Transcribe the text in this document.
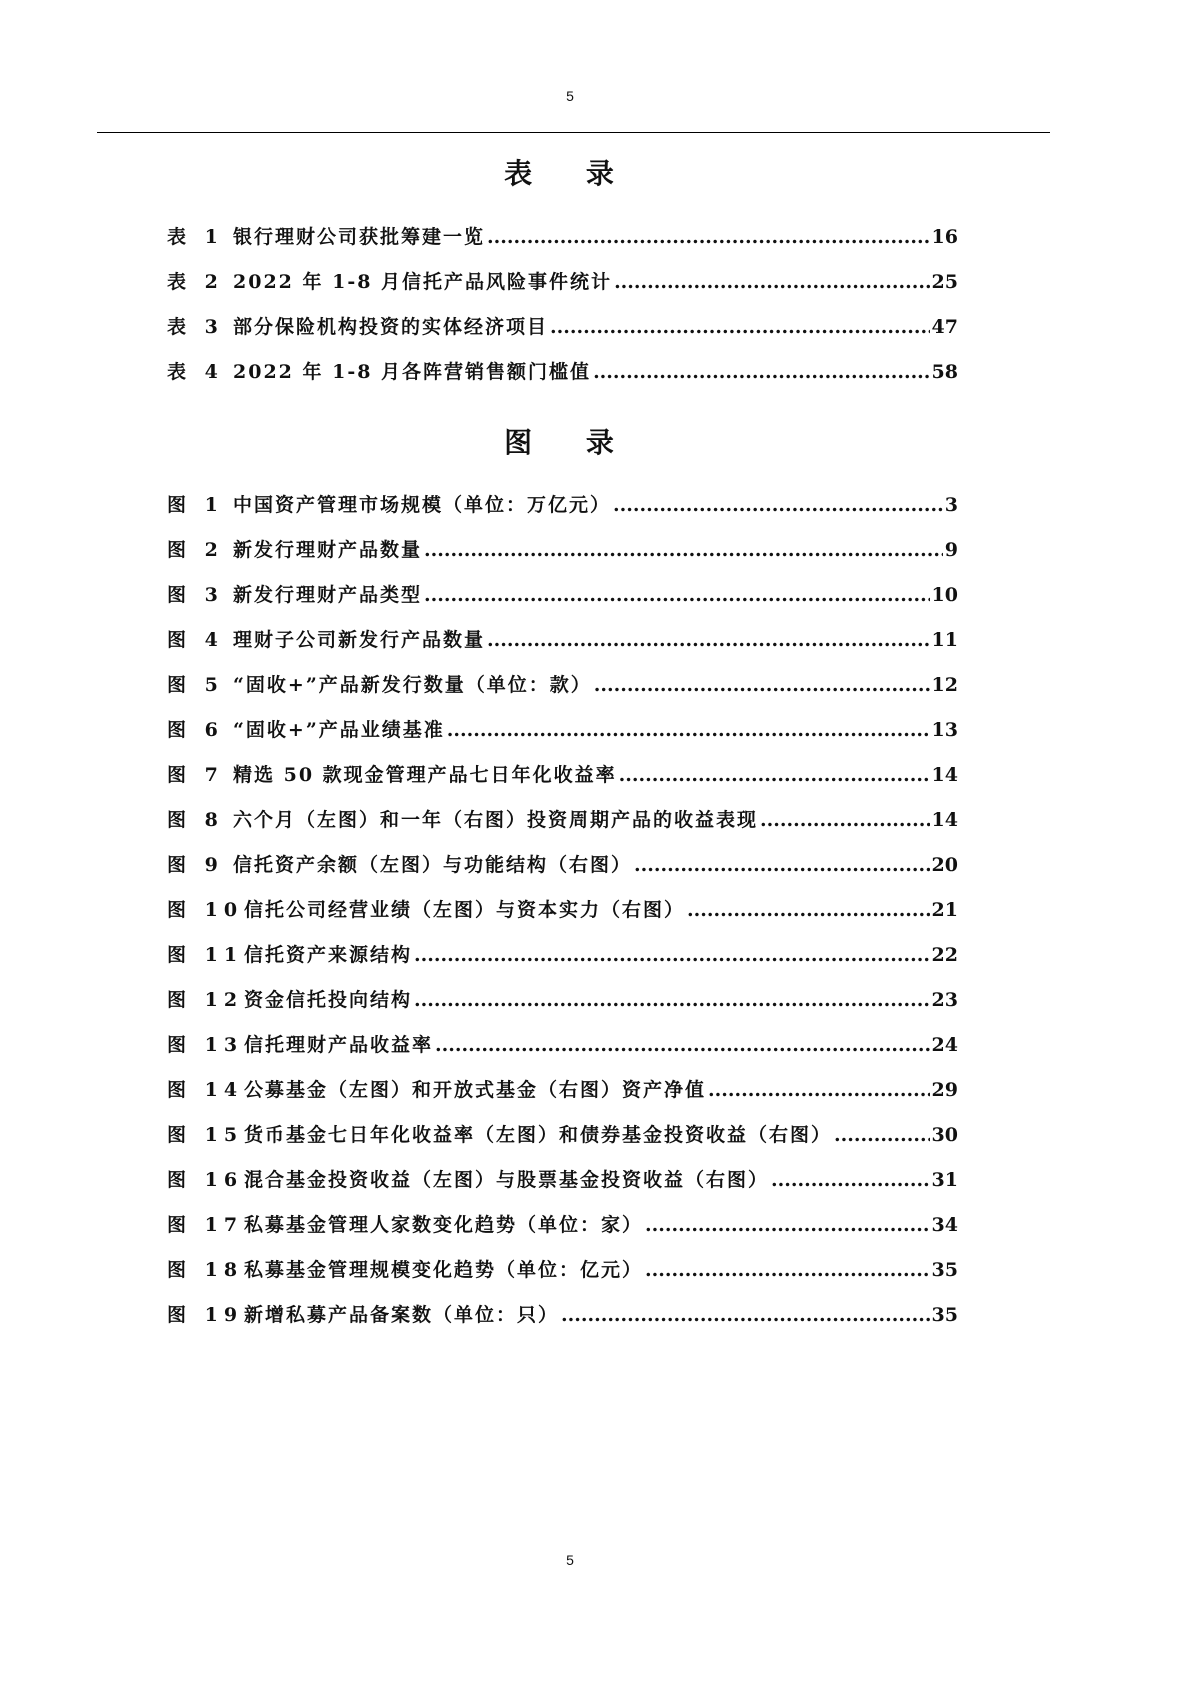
5
表 录
表 1 银行理财公司获批筹建一览 .....	16
表 2 2022 年 1-8 月信托产品风险事件统计 .....	25
表 3 部分保险机构投资的实体经济项目 .....	47
表 4 2022 年 1-8 月各阵营销售额门槛值 .....	58
图 录
图 1 中国资产管理市场规模（单位：万亿元） .....	3
图 2 新发行理财产品数量 .....	9
图 3 新发行理财产品类型 .....	10
图 4 理财子公司新发行产品数量 .....	11
图 5 “固收+”产品新发行数量（单位：款） .....	12
图 6 “固收+”产品业绩基准 .....	13
图 7 精选 50 款现金管理产品七日年化收益率 .....	14
图 8 六个月（左图）和一年（右图）投资周期产品的收益表现 .....	14
图 9 信托资产余额（左图）与功能结构（右图） .....	20
图 10 信托公司经营业绩（左图）与资本实力（右图） .....	21
图 11 信托资产来源结构 .....	22
图 12 资金信托投向结构 .....	23
图 13 信托理财产品收益率 .....	24
图 14 公募基金（左图）和开放式基金（右图）资产净值 .....	29
图 15 货币基金七日年化收益率（左图）和债券基金投资收益（右图） .....	30
图 16 混合基金投资收益（左图）与股票基金投资收益（右图） .....	31
图 17 私募基金管理人家数变化趋势（单位：家） .....	34
图 18 私募基金管理规模变化趋势（单位：亿元） .....	35
图 19 新增私募产品备案数（单位：只） .....	35
5
